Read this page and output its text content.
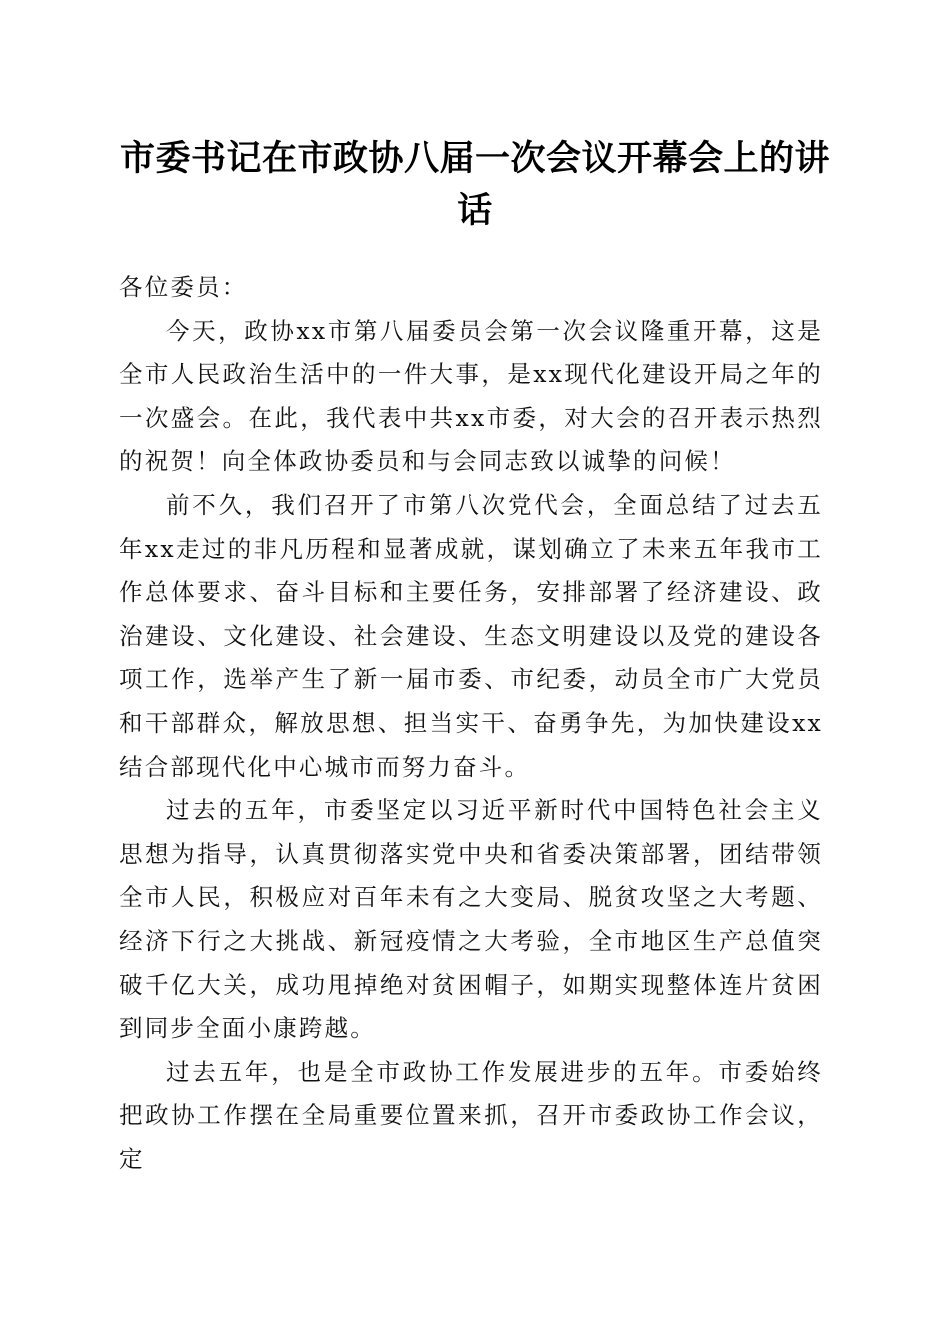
市委书记在市政协八届一次会议开幕会上的讲话

各位委员：

今天，政协xx市第八届委员会第一次会议隆重开幕，这是全市人民政治生活中的一件大事，是xx现代化建设开局之年的一次盛会。在此，我代表中共xx市委，对大会的召开表示热烈的祝贺！向全体政协委员和与会同志致以诚挚的问候！

前不久，我们召开了市第八次党代会，全面总结了过去五年xx走过的非凡历程和显著成就，谋划确立了未来五年我市工作总体要求、奋斗目标和主要任务，安排部署了经济建设、政治建设、文化建设、社会建设、生态文明建设以及党的建设各项工作，选举产生了新一届市委、市纪委，动员全市广大党员和干部群众，解放思想、担当实干、奋勇争先，为加快建设xx结合部现代化中心城市而努力奋斗。

过去的五年，市委坚定以习近平新时代中国特色社会主义思想为指导，认真贯彻落实党中央和省委决策部署，团结带领全市人民，积极应对百年未有之大变局、脱贫攻坚之大考题、经济下行之大挑战、新冠疫情之大考验，全市地区生产总值突破千亿大关，成功甩掉绝对贫困帽子，如期实现整体连片贫困到同步全面小康跨越。

过去五年，也是全市政协工作发展进步的五年。市委始终把政协工作摆在全局重要位置来抓，召开市委政协工作会议，定
